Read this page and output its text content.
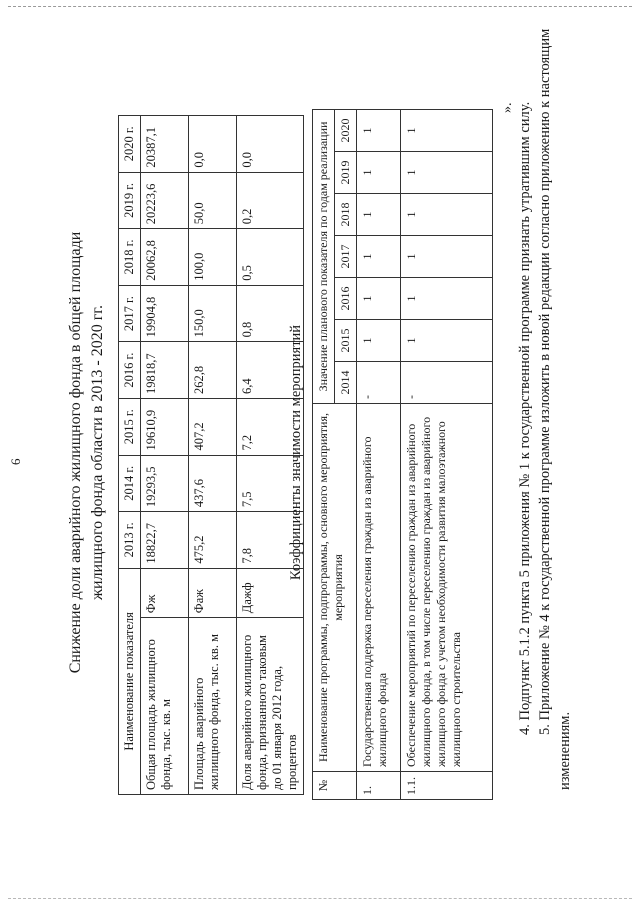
6	Снижение доли аварийного жилищного фонда в общей площади жилищного фонда области в 2013 - 2020 гг.
Наименование показателя		2013 г.	2014 г.	2015 г.	2016 г.	2017 г.	2018 г.	2019 г.	2020 г.
Общая площадь жилищного фонда, тыс. кв. м	Фж	18822,7	19293,5	19610,9	19818,7	19904,8	20062,8	20223,6	20387,1
Площадь аварийного жилищного фонда, тыс. кв. м	Фаж	475,2	437,6	407,2	262,8	150,0	100,0	50,0	0,0
Доля аварийного жилищного фонда, признанного таковым до 01 января 2012 года, процентов	Дажф	7,8	7,5	7,2	6,4	0,8	0,5	0,2	0,0
Коэффициенты значимости мероприятий
№	Наименование программы, подпрограммы, основного мероприятия, мероприятия	Значение планового показателя по годам реализации						
		2014	2015	2016	2017	2018	2019	2020
1.	Государственная поддержка переселения граждан из аварийного жилищного фонда	-	1	1	1	1	1	1
1.1.	Обеспечение мероприятий по переселению граждан из аварийного жилищного фонда, в том числе переселению граждан из аварийного жилищного фонда с учетом необходимости развития малоэтажного жилищного строительства	-	1	1	1	1	1	1
». 4. Подпункт 5.1.2 пункта 5 приложения № 1 к государственной программе признать утратившим силу. 5. Приложение № 4 к государственной программе изложить в новой редакции согласно приложению к настоящим
изменениям.
